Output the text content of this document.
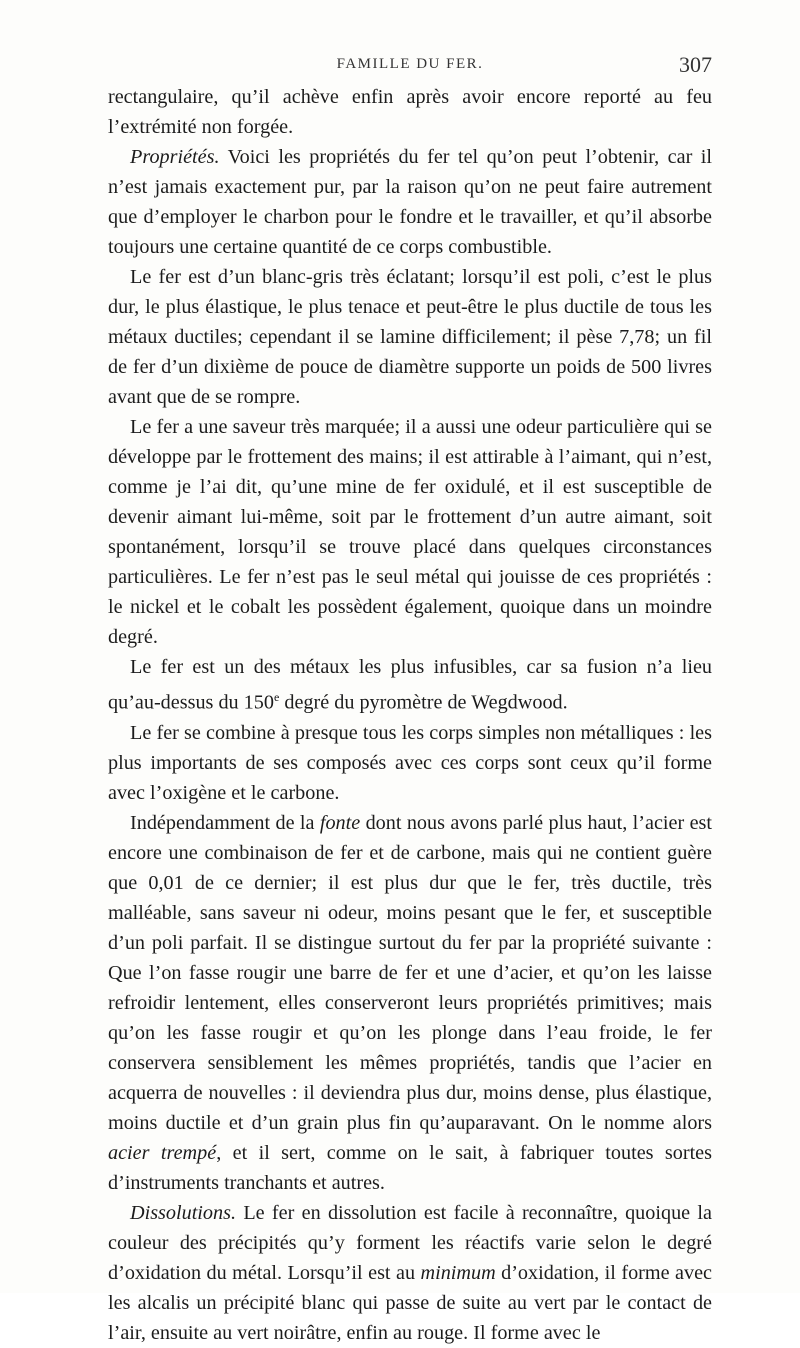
FAMILLE DU FER.	307

rectangulaire, qu’il achève enfin après avoir encore reporté au feu l’extrémité non forgée.

Propriétés. Voici les propriétés du fer tel qu’on peut l’obtenir, car il n’est jamais exactement pur, par la raison qu’on ne peut faire autrement que d’employer le charbon pour le fondre et le travailler, et qu’il absorbe toujours une certaine quantité de ce corps combustible.

Le fer est d’un blanc-gris très éclatant; lorsqu’il est poli, c’est le plus dur, le plus élastique, le plus tenace et peut-être le plus ductile de tous les métaux ductiles; cependant il se lamine difficilement; il pèse 7,78; un fil de fer d’un dixième de pouce de diamètre supporte un poids de 500 livres avant que de se rompre.

Le fer a une saveur très marquée; il a aussi une odeur particulière qui se développe par le frottement des mains; il est attirable à l’aimant, qui n’est, comme je l’ai dit, qu’une mine de fer oxidulé, et il est susceptible de devenir aimant lui-même, soit par le frottement d’un autre aimant, soit spontanément, lorsqu’il se trouve placé dans quelques circonstances particulières. Le fer n’est pas le seul métal qui jouisse de ces propriétés : le nickel et le cobalt les possèdent également, quoique dans un moindre degré.

Le fer est un des métaux les plus infusibles, car sa fusion n’a lieu qu’au-dessus du 150e degré du pyromètre de Wegdwood.

Le fer se combine à presque tous les corps simples non métalliques : les plus importants de ses composés avec ces corps sont ceux qu’il forme avec l’oxigène et le carbone.

Indépendamment de la fonte dont nous avons parlé plus haut, l’acier est encore une combinaison de fer et de carbone, mais qui ne contient guère que 0,01 de ce dernier; il est plus dur que le fer, très ductile, très malléable, sans saveur ni odeur, moins pesant que le fer, et susceptible d’un poli parfait. Il se distingue surtout du fer par la propriété suivante : Que l’on fasse rougir une barre de fer et une d’acier, et qu’on les laisse refroidir lentement, elles conserveront leurs propriétés primitives; mais qu’on les fasse rougir et qu’on les plonge dans l’eau froide, le fer conservera sensiblement les mêmes propriétés, tandis que l’acier en acquerra de nouvelles : il deviendra plus dur, moins dense, plus élastique, moins ductile et d’un grain plus fin qu’auparavant. On le nomme alors acier trempé, et il sert, comme on le sait, à fabriquer toutes sortes d’instruments tranchants et autres.

Dissolutions. Le fer en dissolution est facile à reconnaître, quoique la couleur des précipités qu’y forment les réactifs varie selon le degré d’oxidation du métal. Lorsqu’il est au minimum d’oxidation, il forme avec les alcalis un précipité blanc qui passe de suite au vert par le contact de l’air, ensuite au vert noirâtre, enfin au rouge. Il forme avec le
